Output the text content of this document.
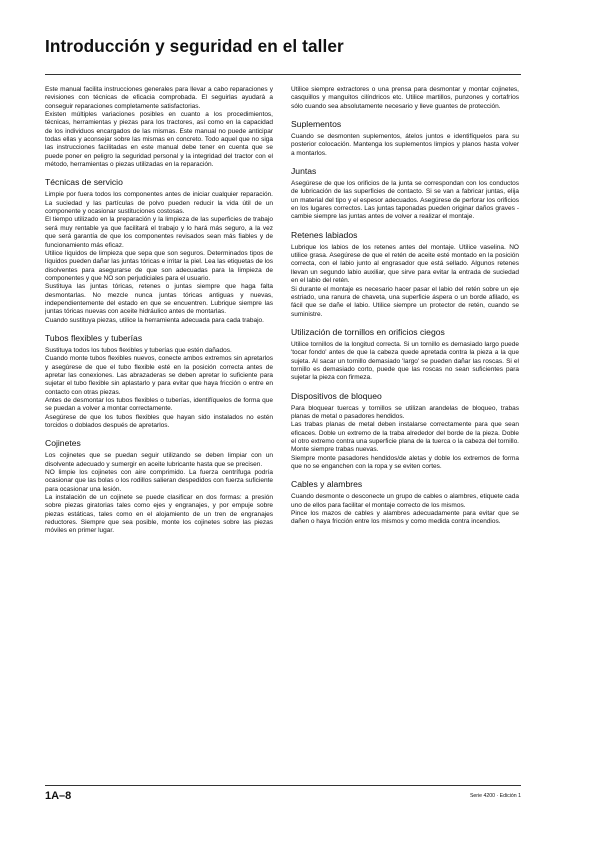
Introducción y seguridad en el taller

Este manual facilita instrucciones generales para llevar a cabo reparaciones y revisiones con técnicas de eficacia comprobada. El seguirlas ayudará a conseguir reparaciones completamente satisfactorias.

Existen múltiples variaciones posibles en cuanto a los procedimientos, técnicas, herramientas y piezas para los tractores, así como en la capacidad de los individuos encargados de las mismas. Este manual no puede anticipar todas ellas y aconsejar sobre las mismas en concreto. Todo aquel que no siga las instrucciones facilitadas en este manual debe tener en cuenta que se puede poner en peligro la seguridad personal y la integridad del tractor con el método, herramientas o piezas utilizadas en la reparación.

Técnicas de servicio

Limpie por fuera todos los componentes antes de iniciar cualquier reparación. La suciedad y las partículas de polvo pueden reducir la vida útil de un componente y ocasionar sustituciones costosas.

El tiempo utilizado en la preparación y la limpieza de las superficies de trabajo será muy rentable ya que facilitará el trabajo y lo hará más seguro, a la vez que será garantía de que los componentes revisados sean más fiables y de funcionamiento más eficaz.

Utilice líquidos de limpieza que sepa que son seguros. Determinados tipos de líquidos pueden dañar las juntas tóricas e irritar la piel. Lea las etiquetas de los disolventes para asegurarse de que son adecuadas para la limpieza de componentes y que NO son perjudiciales para el usuario.

Sustituya las juntas tóricas, retenes o juntas siempre que haga falta desmontarlas. No mezcle nunca juntas tóricas antiguas y nuevas, independientemente del estado en que se encuentren. Lubrique siempre las juntas tóricas nuevas con aceite hidráulico antes de montarlas.

Cuando sustituya piezas, utilice la herramienta adecuada para cada trabajo.

Tubos flexibles y tuberías

Sustituya todos los tubos flexibles y tuberías que estén dañados.

Cuando monte tubos flexibles nuevos, conecte ambos extremos sin apretarlos y asegúrese de que el tubo flexible esté en la posición correcta antes de apretar las conexiones. Las abrazaderas se deben apretar lo suficiente para sujetar el tubo flexible sin aplastarlo y para evitar que haya fricción o entre en contacto con otras piezas.

Antes de desmontar los tubos flexibles o tuberías, identifíquelos de forma que se puedan a volver a montar correctamente.

Asegúrese de que los tubos flexibles que hayan sido instalados no estén torcidos o doblados después de apretarlos.

Cojinetes

Los cojinetes que se puedan seguir utilizando se deben limpiar con un disolvente adecuado y sumergir en aceite lubricante hasta que se precisen.

NO limpie los cojinetes con aire comprimido. La fuerza centrífuga podría ocasionar que las bolas o los rodillos salieran despedidos con fuerza suficiente para ocasionar una lesión.

La instalación de un cojinete se puede clasificar en dos formas: a presión sobre piezas giratorias tales como ejes y engranajes, y por empuje sobre piezas estáticas, tales como en el alojamiento de un tren de engranajes reductores. Siempre que sea posible, monte los cojinetes sobre las piezas móviles en primer lugar.

Utilice siempre extractores o una prensa para desmontar y montar cojinetes, casquillos y manguitos cilíndricos etc. Utilice martillos, punzones y cortafríos sólo cuando sea absolutamente necesario y lleve guantes de protección.

Suplementos

Cuando se desmonten suplementos, átelos juntos e identifíquelos para su posterior colocación. Mantenga los suplementos limpios y planos hasta volver a montarlos.

Juntas

Asegúrese de que los orificios de la junta se correspondan con los conductos de lubricación de las superficies de contacto. Si se van a fabricar juntas, elija un material del tipo y el espesor adecuados. Asegúrese de perforar los orificios en los lugares correctos. Las juntas taponadas pueden originar daños graves - cambie siempre las juntas antes de volver a realizar el montaje.

Retenes labiados

Lubrique los labios de los retenes antes del montaje. Utilice vaselina. NO utilice grasa. Asegúrese de que el retén de aceite esté montado en la posición correcta, con el labio junto al engrasador que está sellado. Algunos retenes llevan un segundo labio auxiliar, que sirve para evitar la entrada de suciedad en el labio del retén.

Si durante el montaje es necesario hacer pasar el labio del retén sobre un eje estriado, una ranura de chaveta, una superficie áspera o un borde afilado, es fácil que se dañe el labio. Utilice siempre un protector de retén, cuando se suministre.

Utilización de tornillos en orificios ciegos

Utilice tornillos de la longitud correcta. Si un tornillo es demasiado largo puede 'tocar fondo' antes de que la cabeza quede apretada contra la pieza a la que sujeta. Al sacar un tornillo demasiado 'largo' se pueden dañar las roscas. Si el tornillo es demasiado corto, puede que las roscas no sean suficientes para sujetar la pieza con firmeza.

Dispositivos de bloqueo

Para bloquear tuercas y tornillos se utilizan arandelas de bloqueo, trabas planas de metal o pasadores hendidos.

Las trabas planas de metal deben instalarse correctamente para que sean eficaces. Doble un extremo de la traba alrededor del borde de la pieza. Doble el otro extremo contra una superficie plana de la tuerca o la cabeza del tornillo. Monte siempre trabas nuevas.

Siempre monte pasadores hendidos/de aletas y doble los extremos de forma que no se enganchen con la ropa y se eviten cortes.

Cables y alambres

Cuando desmonte o desconecte un grupo de cables o alambres, etiquete cada uno de ellos para facilitar el montaje correcto de los mismos.

Pince los mazos de cables y alambres adecuadamente para evitar que se dañen o haya fricción entre los mismos y como medida contra incendios.

1A–8	Serie 4200 · Edición 1
